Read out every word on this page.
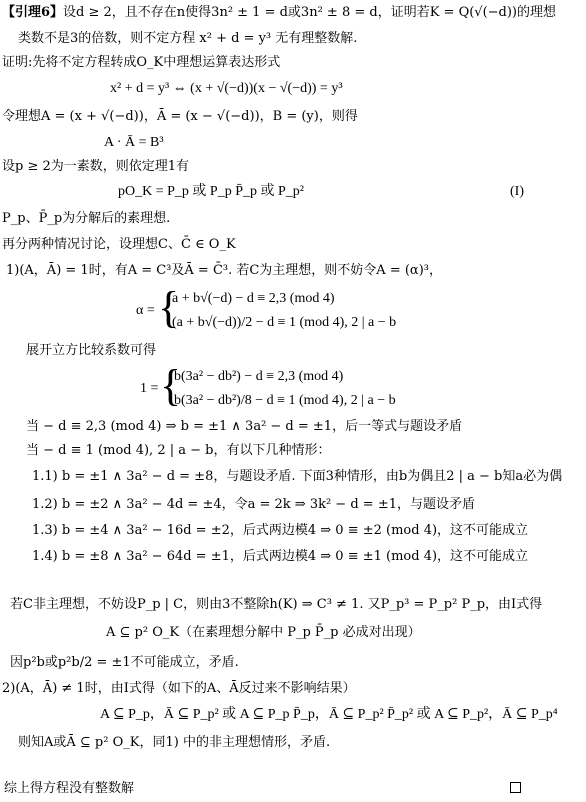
【引理6】设d ≥ 2，且不存在n使得3n² ± 1 = d或3n² ± 8 = d，证明若K = Q(√(−d))的理想
类数不是3的倍数，则不定方程 x² + d = y³ 无有理整数解.
证明:先将不定方程转成O_K中理想运算表达形式
x² + d = y³ ⇔ (x + √(−d))(x − √(−d)) = y³
令理想A = (x + √(−d))，Ā = (x − √(−d))，B = (y)，则得
A · Ā = B³
设p ≥ 2为一素数，则依定理1有
pO_K = P_p 或 P_p P̄_p 或 P_p²	(I)
P_p、P̄_p为分解后的素理想.
再分两种情况讨论，设理想C、C̄ ∈ O_K
1)(A，Ā) = 1时，有A = C³及Ā = C̄³. 若C为主理想，则不妨令A = (α)³，
α = {
a + b√(−d) − d ≡ 2,3 (mod 4)
(a + b√(−d))/2 − d ≡ 1 (mod 4), 2 | a − b
展开立方比较系数可得
1 = {
b(3a² − db²) − d ≡ 2,3 (mod 4)
b(3a² − db²)/8 − d ≡ 1 (mod 4), 2 | a − b
当 − d ≡ 2,3 (mod 4) ⇒ b = ±1 ∧ 3a² − d = ±1，后一等式与题设矛盾
当 − d ≡ 1 (mod 4), 2 | a − b，有以下几种情形：
1.1) b = ±1 ∧ 3a² − d = ±8，与题设矛盾. 下面3种情形，由b为偶且2 | a − b知a必为偶
1.2) b = ±2 ∧ 3a² − 4d = ±4，令a = 2k ⇒ 3k² − d = ±1，与题设矛盾
1.3) b = ±4 ∧ 3a² − 16d = ±2，后式两边模4 ⇒ 0 ≡ ±2 (mod 4)，这不可能成立
1.4) b = ±8 ∧ 3a² − 64d = ±1，后式两边模4 ⇒ 0 ≡ ±1 (mod 4)，这不可能成立
若C非主理想，不妨设P_p | C，则由3不整除h(K) ⇒ C³ ≠ 1. 又P_p³ = P_p² P_p，由I式得
A ⊆ p² O_K（在素理想分解中 P_p P̄_p 必成对出现）
因p²b或p²b/2 = ±1不可能成立，矛盾.
2)(A，Ā) ≠ 1时，由I式得（如下的A、Ā反过来不影响结果）
A ⊆ P_p，Ā ⊆ P_p² 或 A ⊆ P_p P̄_p，Ā ⊆ P_p² P̄_p² 或 A ⊆ P_p²，Ā ⊆ P_p⁴
则知A或Ā ⊆ p² O_K，同1) 中的非主理想情形，矛盾.
综上得方程没有整数解
